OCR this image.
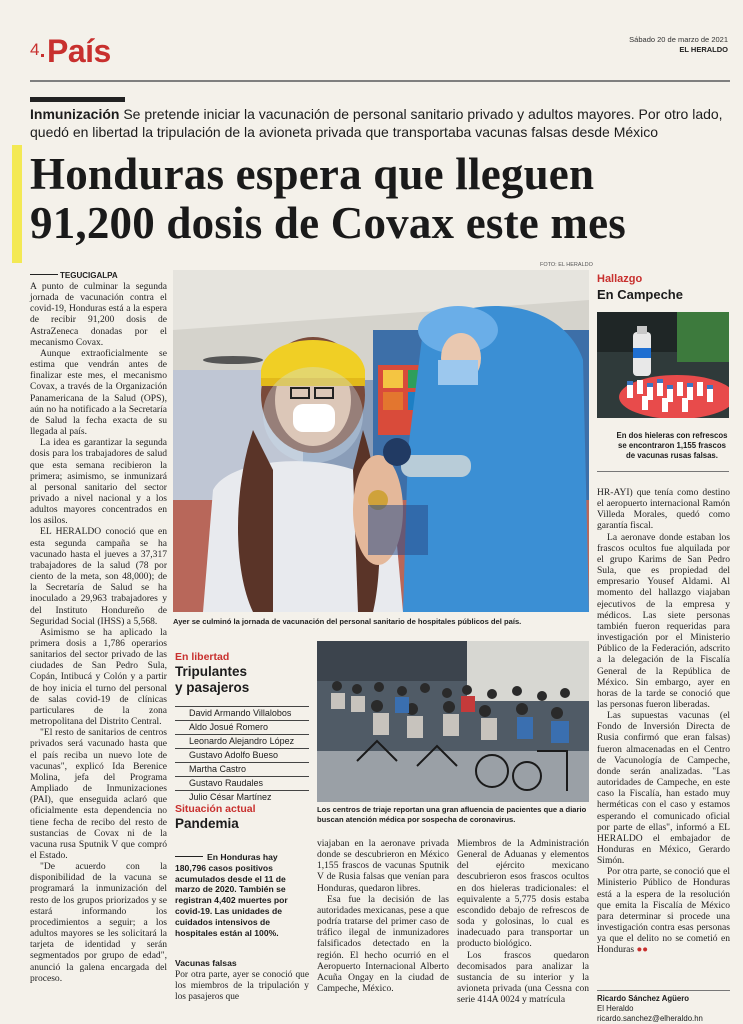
4 País	Sábado 20 de marzo de 2021
EL HERALDO
Inmunización Se pretende iniciar la vacunación de personal sanitario privado y adultos mayores. Por otro lado, quedó en libertad la tripulación de la avioneta privada que transportaba vacunas falsas desde México
Honduras espera que lleguen
91,200 dosis de Covax este mes
TEGUCIGALPA

A punto de culminar la segunda jornada de vacunación contra el covid-19, Honduras está a la espera de recibir 91,200 dosis de AstraZeneca donadas por el mecanismo Covax.

Aunque extraoficialmente se estima que vendrán antes de finalizar este mes, el mecanismo Covax, a través de la Organización Panamericana de la Salud (OPS), aún no ha notificado a la Secretaría de Salud la fecha exacta de su llegada al país.

La idea es garantizar la segunda dosis para los trabajadores de salud que esta semana recibieron la primera; asimismo, se inmunizará al personal sanitario del sector privado a nivel nacional y a los adultos mayores concentrados en los asilos.

EL HERALDO conoció que en esta segunda campaña se ha vacunado hasta el jueves a 37,317 trabajadores de la salud (78 por ciento de la meta, son 48,000); de la Secretaría de Salud se ha inoculado a 29,963 trabajadores y del Instituto Hondureño de Seguridad Social (IHSS) a 5,568.

Asimismo se ha aplicado la primera dosis a 1,786 operarios sanitarios del sector privado de las ciudades de San Pedro Sula, Copán, Intibucá y Colón y a partir de hoy inicia el turno del personal de salas covid-19 de clínicas particulares de la zona metropolitana del Distrito Central.

"El resto de sanitarios de centros privados será vacunado hasta que el país reciba un nuevo lote de vacunas", explicó Ida Berenice Molina, jefa del Programa Ampliado de Inmunizaciones (PAI), que enseguida aclaró que oficialmente esta dependencia no tiene fecha de recibo del resto de sustancias de Covax ni de la vacuna rusa Sputnik V que compró el Estado.

"De acuerdo con la disponibilidad de la vacuna se programará la inmunización del resto de los grupos priorizados y se estará informando los procedimientos a seguir; a los adultos mayores se les solicitará la tarjeta de identidad y serán segmentados por grupo de edad", anunció la galena encargada del proceso.

FOTO: EL HERALDO
Ayer se culminó la jornada de vacunación del personal sanitario de hospitales públicos del país.
Hallazgo
En Campeche
En dos hieleras con refrescos se encontraron 1,155 frascos de vacunas rusas falsas.

HR-AYI) que tenía como destino el aeropuerto internacional Ramón Villeda Morales, quedó como garantía fiscal.

La aeronave donde estaban los frascos ocultos fue alquilada por el grupo Karims de San Pedro Sula, que es propiedad del empresario Yousef Aldami. Al momento del hallazgo viajaban ejecutivos de la empresa y médicos. Las siete personas también fueron requeridas para investigación por el Ministerio Público de la Federación, adscrito a la delegación de la Fiscalía General de la República de México. Sin embargo, ayer en horas de la tarde se conoció que las personas fueron liberadas.

Las supuestas vacunas (el Fondo de Inversión Directa de Rusia confirmó que eran falsas) fueron almacenadas en el Centro de Vacunología de Campeche, donde serán analizadas. "Las autoridades de Campeche, en este caso la Fiscalía, han estado muy herméticas con el caso y estamos esperando el comunicado oficial por parte de ellas", informó a EL HERALDO el embajador de Honduras en México, Gerardo Simón.

Por otra parte, se conoció que el Ministerio Público de Honduras está a la espera de la resolución que emita la Fiscalía de México para determinar si procede una investigación contra esas personas ya que el delito no se cometió en Honduras ●●

Ricardo Sánchez Agüero
El Heraldo
ricardo.sanchez@elheraldo.hn
En libertad
Tripulantes
y pasajeros
David Armando Villalobos
Aldo Josué Romero
Leonardo Alejandro López
Gustavo Adolfo Bueso
Martha Castro
Gustavo Raudales
Julio César Martínez
Situación actual
Pandemia
En Honduras hay 180,796 casos positivos acumulados desde el 11 de marzo de 2020. También se registran 4,402 muertes por covid-19. Las unidades de cuidados intensivos de hospitales están al 100%.
Vacunas falsas

Por otra parte, ayer se conoció que los miembros de la tripulación y los pasajeros que

Los centros de triaje reportan una gran afluencia de pacientes que a diario buscan atención médica por sospecha de coronavirus.

viajaban en la aeronave privada donde se descubrieron en México 1,155 frascos de vacunas Sputnik V de Rusia falsas que venían para Honduras, quedaron libres.

Esa fue la decisión de las autoridades mexicanas, pese a que podría tratarse del primer caso de tráfico ilegal de inmunizadores falsificados detectado en la región. El hecho ocurrió en el Aeropuerto Internacional Alberto Acuña Ongay en la ciudad de Campeche, México.

Miembros de la Administración General de Aduanas y elementos del ejército mexicano descubrieron esos frascos ocultos en dos hieleras tradicionales: el equivalente a 5,775 dosis estaba escondido debajo de refrescos de soda y golosinas, lo cual es inadecuado para transportar un producto biológico.

Los frascos quedaron decomisados para analizar la sustancia de su interior y la avioneta privada (una Cessna con serie 414A 0024 y matrícula
